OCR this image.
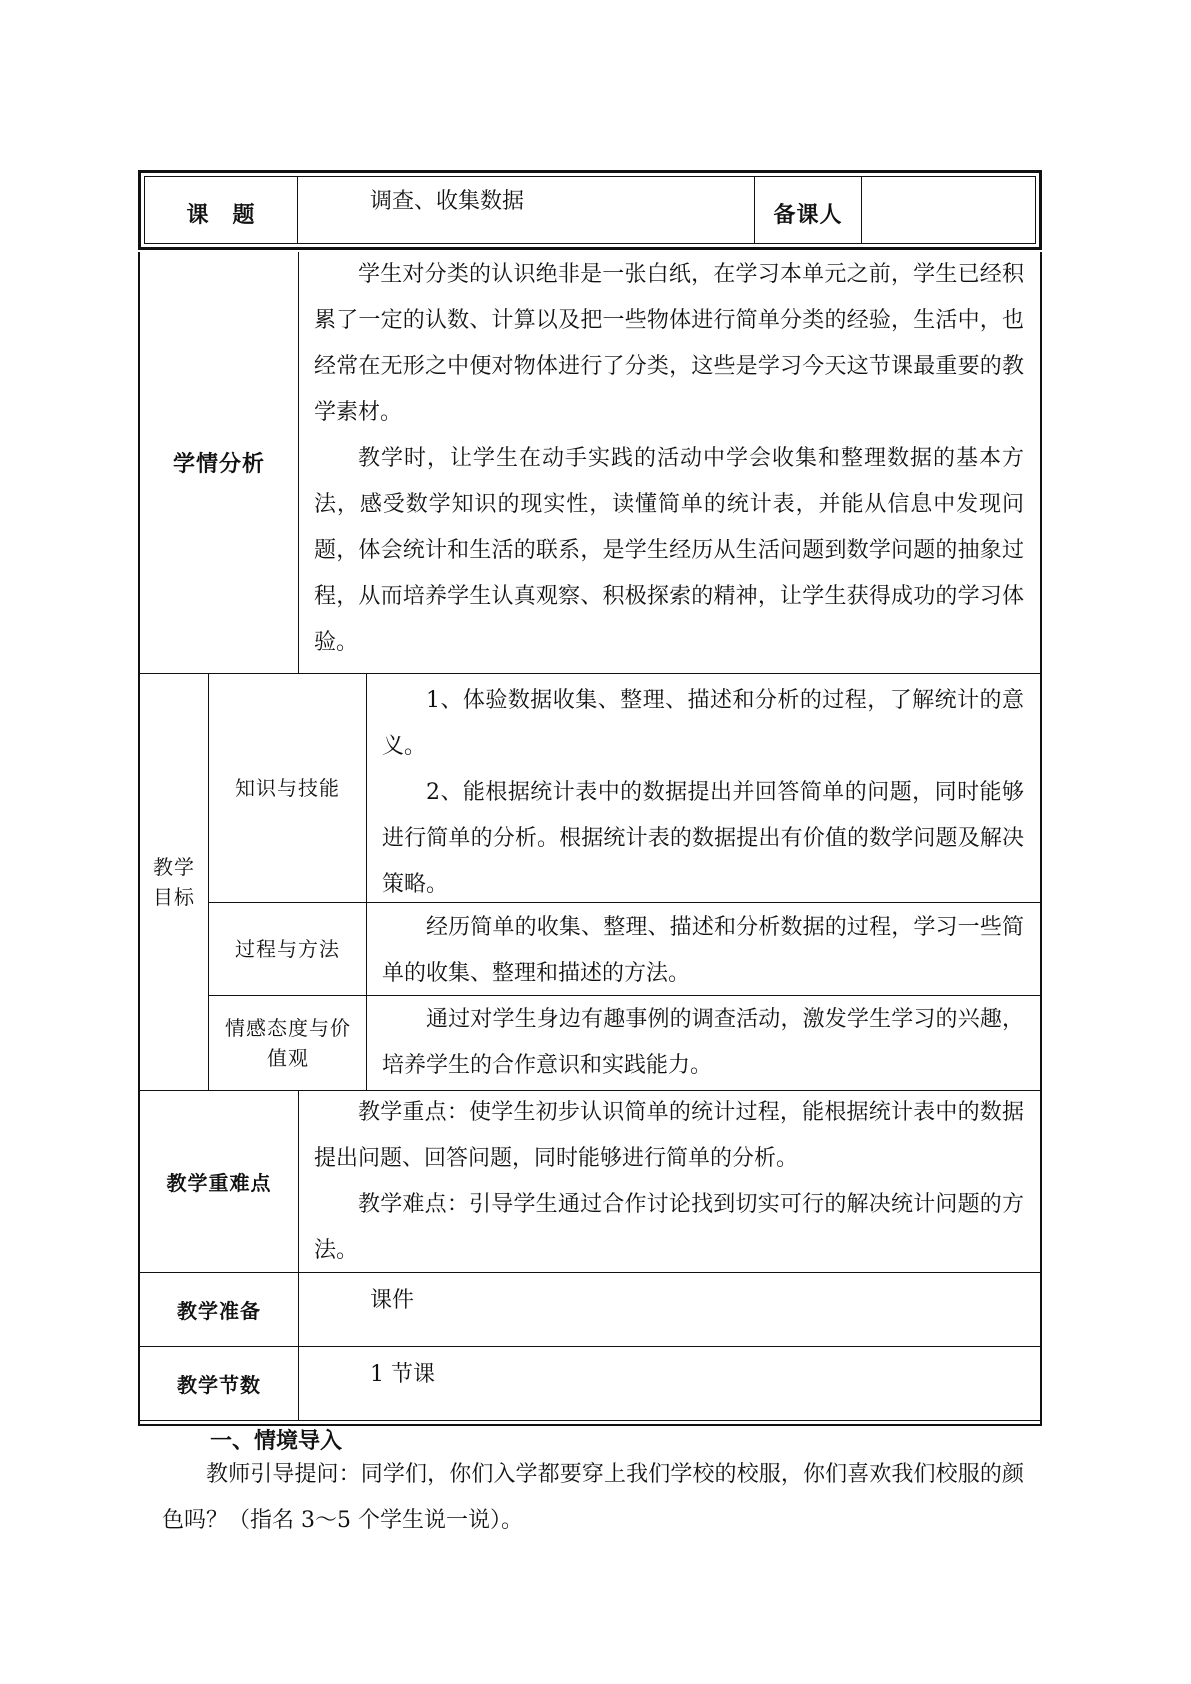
课　题
调查、收集数据
备课人
学情分析

学生对分类的认识绝非是一张白纸，在学习本单元之前，学生已经积累了一定的认数、计算以及把一些物体进行简单分类的经验，生活中，也经常在无形之中便对物体进行了分类，这些是学习今天这节课最重要的教学素材。

教学时，让学生在动手实践的活动中学会收集和整理数据的基本方法，感受数学知识的现实性，读懂简单的统计表，并能从信息中发现问题，体会统计和生活的联系，是学生经历从生活问题到数学问题的抽象过程，从而培养学生认真观察、积极探索的精神，让学生获得成功的学习体验。

教学目标
知识与技能

1、体验数据收集、整理、描述和分析的过程，了解统计的意义。

2、能根据统计表中的数据提出并回答简单的问题，同时能够进行简单的分析。根据统计表的数据提出有价值的数学问题及解决策略。

过程与方法

经历简单的收集、整理、描述和分析数据的过程，学习一些简单的收集、整理和描述的方法。

情感态度与价值观

通过对学生身边有趣事例的调查活动，激发学生学习的兴趣，培养学生的合作意识和实践能力。

教学重难点

教学重点：使学生初步认识简单的统计过程，能根据统计表中的数据提出问题、回答问题，同时能够进行简单的分析。

教学难点：引导学生通过合作讨论找到切实可行的解决统计问题的方法。

教学准备	课件
教学节数	1 节课
一、情境导入

教师引导提问：同学们，你们入学都要穿上我们学校的校服，你们喜欢我们校服的颜色吗？（指名 3～5 个学生说一说）。
